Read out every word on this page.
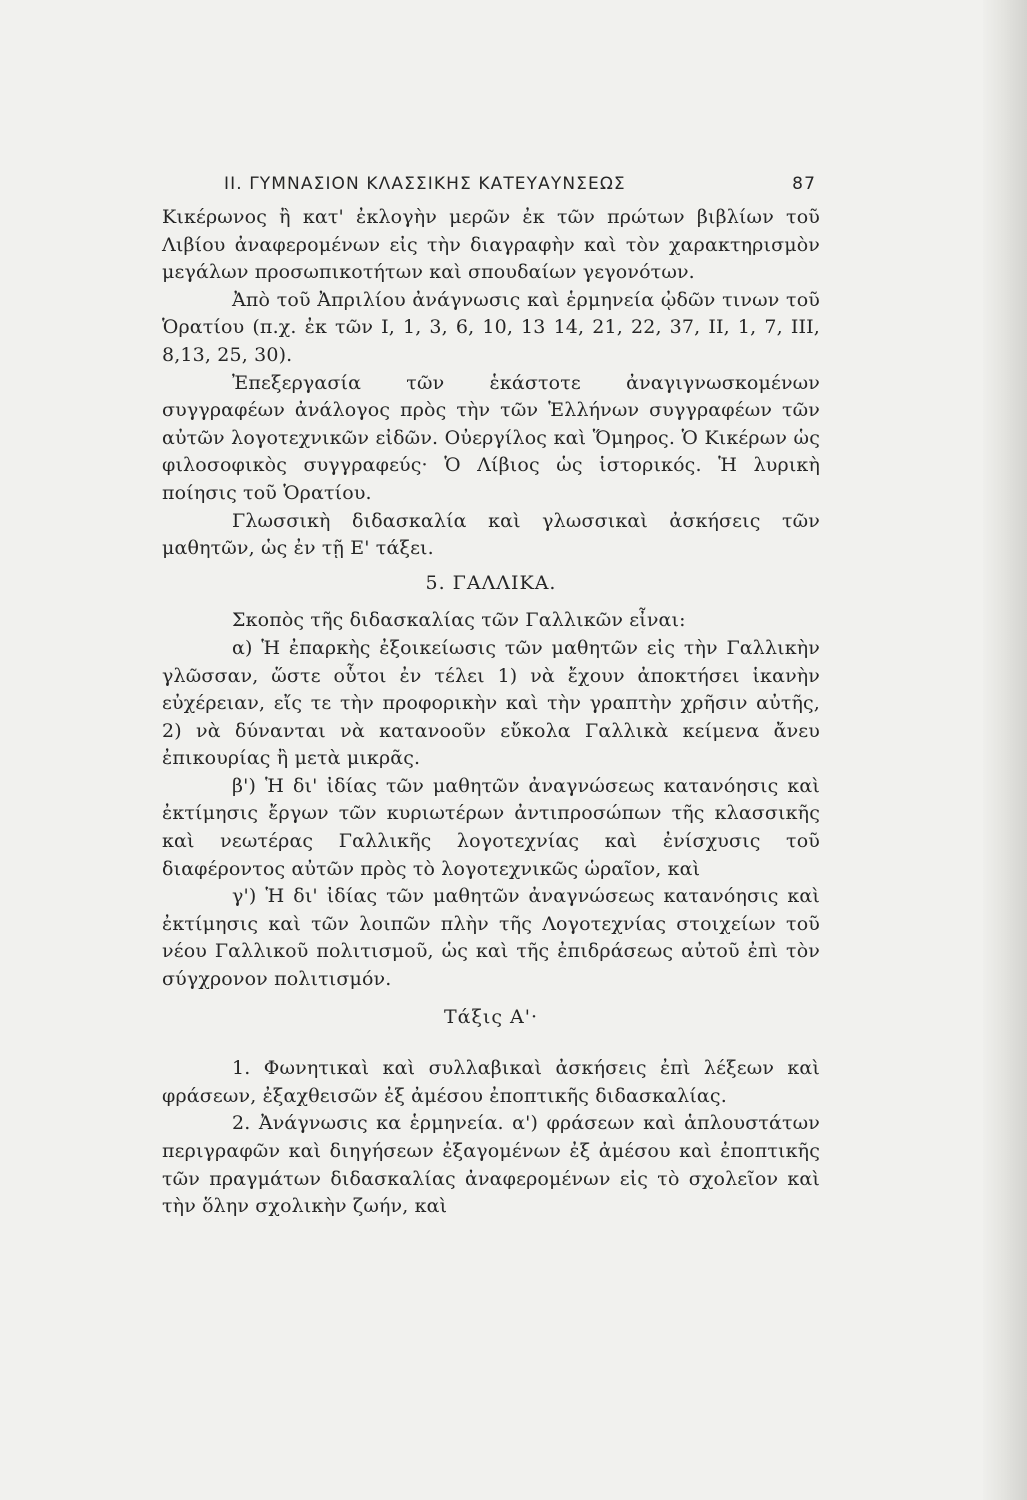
II. ΓΥΜΝΑΣΙΟΝ ΚΛΑΣΣΙΚΗΣ ΚΑΤΕΥΑΥΝΣΕΩΣ	87

Κικέρωνος ἢ κατ' ἐκλογὴν μερῶν ἐκ τῶν πρώτων βιβλίων τοῦ Λιβίου ἀναφερομένων εἰς τὴν διαγραφὴν καὶ τὸν χαρακτηρισμὸν μεγάλων προσωπικοτήτων καὶ σπουδαίων γεγονότων.

Ἀπὸ τοῦ Ἀπριλίου ἀνάγνωσις καὶ ἑρμηνεία ᾠδῶν τινων τοῦ Ὁρατίου (π.χ. ἐκ τῶν Ι, 1, 3, 6, 10, 13 14, 21, 22, 37, ΙΙ, 1, 7, ΙΙΙ, 8,13, 25, 30).

Ἐπεξεργασία τῶν ἑκάστοτε ἀναγιγνωσκομένων συγγραφέων ἀνάλογος πρὸς τὴν τῶν Ἑλλήνων συγγραφέων τῶν αὐτῶν λογοτεχνικῶν εἰδῶν. Οὐεργίλος καὶ Ὅμηρος. Ὁ Κικέρων ὡς φιλοσοφικὸς συγγραφεύς· Ὁ Λίβιος ὡς ἱστορικός. Ἡ λυρικὴ ποίησις τοῦ Ὁρατίου.

Γλωσσικὴ διδασκαλία καὶ γλωσσικαὶ ἀσκήσεις τῶν μαθητῶν, ὡς ἐν τῇ Ε' τάξει.

5. ΓΑΛΛΙΚΑ.

Σκοπὸς τῆς διδασκαλίας τῶν Γαλλικῶν εἶναι:

α) Ἡ ἐπαρκὴς ἐξοικείωσις τῶν μαθητῶν εἰς τὴν Γαλλικὴν γλῶσσαν, ὥστε οὗτοι ἐν τέλει 1) νὰ ἔχουν ἀποκτήσει ἱκανὴν εὐχέρειαν, εἴς τε τὴν προφορικὴν καὶ τὴν γραπτὴν χρῆσιν αὐτῆς, 2) νὰ δύνανται νὰ κατανοοῦν εὔκολα Γαλλικὰ κείμενα ἄνευ ἐπικουρίας ἢ μετὰ μικρᾶς.

β') Ἡ δι' ἰδίας τῶν μαθητῶν ἀναγνώσεως κατανόησις καὶ ἐκτίμησις ἔργων τῶν κυριωτέρων ἀντιπροσώπων τῆς κλασσικῆς καὶ νεωτέρας Γαλλικῆς λογοτεχνίας καὶ ἐνίσχυσις τοῦ διαφέροντος αὐτῶν πρὸς τὸ λογοτεχνικῶς ὡραῖον, καὶ

γ') Ἡ δι' ἰδίας τῶν μαθητῶν ἀναγνώσεως κατανόησις καὶ ἐκτίμησις καὶ τῶν λοιπῶν πλὴν τῆς Λογοτεχνίας στοιχείων τοῦ νέου Γαλλικοῦ πολιτισμοῦ, ὡς καὶ τῆς ἐπιδράσεως αὐτοῦ ἐπὶ τὸν σύγχρονον πολιτισμόν.

Τάξις Α'·

1. Φωνητικαὶ καὶ συλλαβικαὶ ἀσκήσεις ἐπὶ λέξεων καὶ φράσεων, ἐξαχθεισῶν ἐξ ἀμέσου ἐποπτικῆς διδασκαλίας.

2. Ἀνάγνωσις κα ἑρμηνεία. α') φράσεων καὶ ἁπλουστάτων περιγραφῶν καὶ διηγήσεων ἐξαγομένων ἐξ ἀμέσου καὶ ἐποπτικῆς τῶν πραγμάτων διδασκαλίας ἀναφερομένων εἰς τὸ σχολεῖον καὶ τὴν ὅλην σχολικὴν ζωήν, καὶ
